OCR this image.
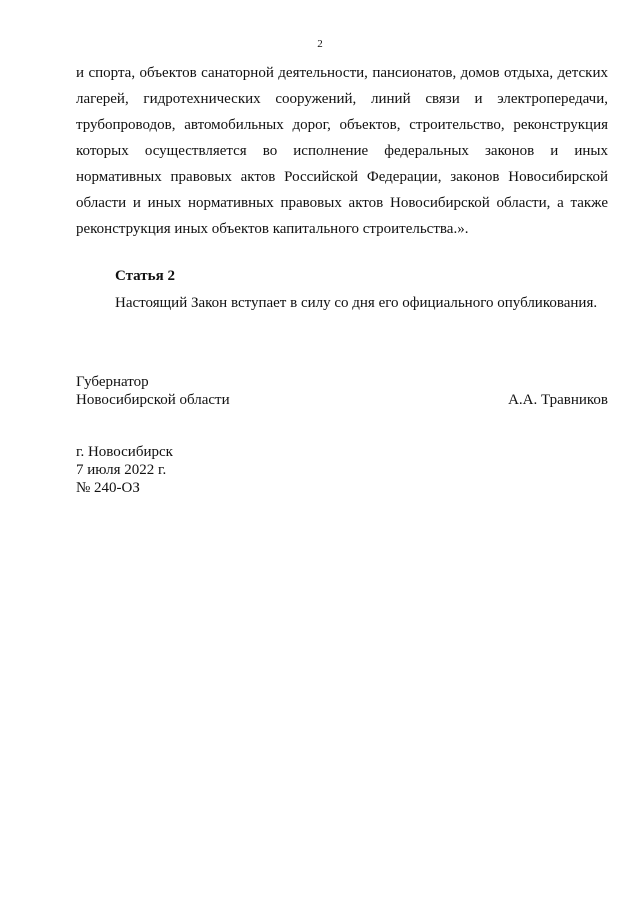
2
и спорта, объектов санаторной деятельности, пансионатов, домов отдыха, детских
лагерей, гидротехнических сооружений, линий связи и электропередачи,
трубопроводов, автомобильных дорог, объектов, строительство, реконструкция
которых осуществляется во исполнение федеральных законов и иных
нормативных правовых актов Российской Федерации, законов Новосибирской
области и иных нормативных правовых актов Новосибирской области, а также
реконструкция иных объектов капитального строительства.».
Статья 2
Настоящий Закон вступает в силу со дня его официального опубликования.
Губернатор
Новосибирской области	А.А. Травников
г. Новосибирск
7 июля 2022 г.
№ 240-ОЗ
